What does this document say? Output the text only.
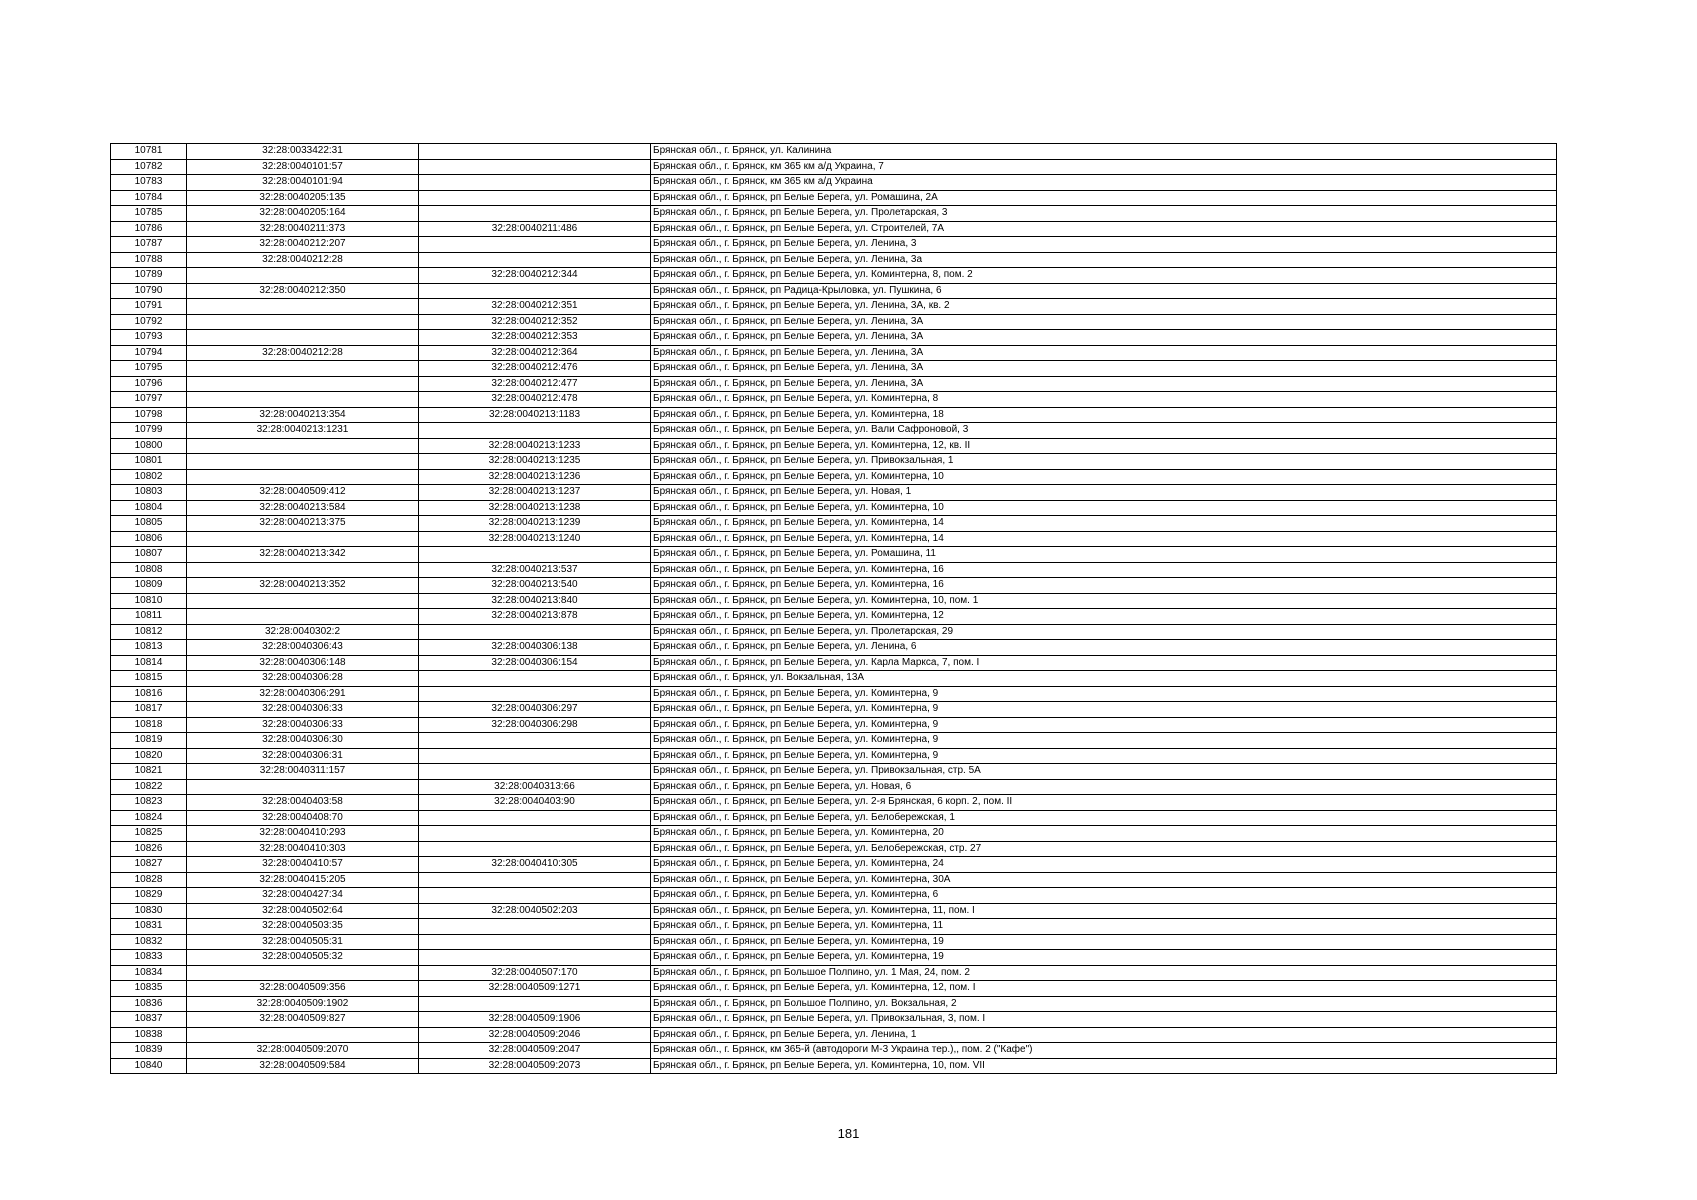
10781	32:28:0033422:31		Брянская обл., г. Брянск, ул. Калинина
10782	32:28:0040101:57		Брянская обл., г. Брянск, км 365 км а/д Украина, 7
10783	32:28:0040101:94		Брянская обл., г. Брянск, км 365 км а/д Украина
10784	32:28:0040205:135		Брянская обл., г. Брянск, рп Белые Берега, ул. Ромашина, 2А
10785	32:28:0040205:164		Брянская обл., г. Брянск, рп Белые Берега, ул. Пролетарская, 3
10786	32:28:0040211:373	32:28:0040211:486	Брянская обл., г. Брянск, рп Белые Берега, ул. Строителей, 7А
10787	32:28:0040212:207		Брянская обл., г. Брянск, рп Белые Берега, ул. Ленина, 3
10788	32:28:0040212:28		Брянская обл., г. Брянск, рп Белые Берега, ул. Ленина, 3а
10789		32:28:0040212:344	Брянская обл., г. Брянск, рп Белые Берега, ул. Коминтерна, 8, пом. 2
10790	32:28:0040212:350		Брянская обл., г. Брянск, рп Радица-Крыловка, ул. Пушкина, 6
10791		32:28:0040212:351	Брянская обл., г. Брянск, рп Белые Берега, ул. Ленина, 3А, кв. 2
10792		32:28:0040212:352	Брянская обл., г. Брянск, рп Белые Берега, ул. Ленина, 3А
10793		32:28:0040212:353	Брянская обл., г. Брянск, рп Белые Берега, ул. Ленина, 3А
10794	32:28:0040212:28	32:28:0040212:364	Брянская обл., г. Брянск, рп Белые Берега, ул. Ленина, 3А
10795		32:28:0040212:476	Брянская обл., г. Брянск, рп Белые Берега, ул. Ленина, 3А
10796		32:28:0040212:477	Брянская обл., г. Брянск, рп Белые Берега, ул. Ленина, 3А
10797		32:28:0040212:478	Брянская обл., г. Брянск, рп Белые Берега, ул. Коминтерна, 8
10798	32:28:0040213:354	32:28:0040213:1183	Брянская обл., г. Брянск, рп Белые Берега, ул. Коминтерна, 18
10799	32:28:0040213:1231		Брянская обл., г. Брянск, рп Белые Берега, ул. Вали Сафроновой, 3
10800		32:28:0040213:1233	Брянская обл., г. Брянск, рп Белые Берега, ул. Коминтерна, 12, кв. II
10801		32:28:0040213:1235	Брянская обл., г. Брянск, рп Белые Берега, ул. Привокзальная, 1
10802		32:28:0040213:1236	Брянская обл., г. Брянск, рп Белые Берега, ул. Коминтерна, 10
10803	32:28:0040509:412	32:28:0040213:1237	Брянская обл., г. Брянск, рп Белые Берега, ул. Новая, 1
10804	32:28:0040213:584	32:28:0040213:1238	Брянская обл., г. Брянск, рп Белые Берега, ул. Коминтерна, 10
10805	32:28:0040213:375	32:28:0040213:1239	Брянская обл., г. Брянск, рп Белые Берега, ул. Коминтерна, 14
10806		32:28:0040213:1240	Брянская обл., г. Брянск, рп Белые Берега, ул. Коминтерна, 14
10807	32:28:0040213:342		Брянская обл., г. Брянск, рп Белые Берега, ул. Ромашина, 11
10808		32:28:0040213:537	Брянская обл., г. Брянск, рп Белые Берега, ул. Коминтерна, 16
10809	32:28:0040213:352	32:28:0040213:540	Брянская обл., г. Брянск, рп Белые Берега, ул. Коминтерна, 16
10810		32:28:0040213:840	Брянская обл., г. Брянск, рп Белые Берега, ул. Коминтерна, 10, пом. 1
10811		32:28:0040213:878	Брянская обл., г. Брянск, рп Белые Берега, ул. Коминтерна, 12
10812	32:28:0040302:2		Брянская обл., г. Брянск, рп Белые Берега, ул. Пролетарская, 29
10813	32:28:0040306:43	32:28:0040306:138	Брянская обл., г. Брянск, рп Белые Берега, ул. Ленина, 6
10814	32:28:0040306:148	32:28:0040306:154	Брянская обл., г. Брянск, рп Белые Берега, ул. Карла Маркса, 7, пом. I
10815	32:28:0040306:28		Брянская обл., г. Брянск, ул. Вокзальная, 13А
10816	32:28:0040306:291		Брянская обл., г. Брянск, рп Белые Берега, ул. Коминтерна, 9
10817	32:28:0040306:33	32:28:0040306:297	Брянская обл., г. Брянск, рп Белые Берега, ул. Коминтерна, 9
10818	32:28:0040306:33	32:28:0040306:298	Брянская обл., г. Брянск, рп Белые Берега, ул. Коминтерна, 9
10819	32:28:0040306:30		Брянская обл., г. Брянск, рп Белые Берега, ул. Коминтерна, 9
10820	32:28:0040306:31		Брянская обл., г. Брянск, рп Белые Берега, ул. Коминтерна, 9
10821	32:28:0040311:157		Брянская обл., г. Брянск, рп Белые Берега, ул. Привокзальная, стр. 5А
10822		32:28:0040313:66	Брянская обл., г. Брянск, рп Белые Берега, ул. Новая, 6
10823	32:28:0040403:58	32:28:0040403:90	Брянская обл., г. Брянск, рп Белые Берега, ул. 2-я Брянская, 6 корп. 2, пом. II
10824	32:28:0040408:70		Брянская обл., г. Брянск, рп Белые Берега, ул. Белобережская, 1
10825	32:28:0040410:293		Брянская обл., г. Брянск, рп Белые Берега, ул. Коминтерна, 20
10826	32:28:0040410:303		Брянская обл., г. Брянск, рп Белые Берега, ул. Белобережская, стр. 27
10827	32:28:0040410:57	32:28:0040410:305	Брянская обл., г. Брянск, рп Белые Берега, ул. Коминтерна, 24
10828	32:28:0040415:205		Брянская обл., г. Брянск, рп Белые Берега, ул. Коминтерна, 30А
10829	32:28:0040427:34		Брянская обл., г. Брянск, рп Белые Берега, ул. Коминтерна, 6
10830	32:28:0040502:64	32:28:0040502:203	Брянская обл., г. Брянск, рп Белые Берега, ул. Коминтерна, 11, пом. I
10831	32:28:0040503:35		Брянская обл., г. Брянск, рп Белые Берега, ул. Коминтерна, 11
10832	32:28:0040505:31		Брянская обл., г. Брянск, рп Белые Берега, ул. Коминтерна, 19
10833	32:28:0040505:32		Брянская обл., г. Брянск, рп Белые Берега, ул. Коминтерна, 19
10834		32:28:0040507:170	Брянская обл., г. Брянск, рп Большое Полпино, ул. 1 Мая, 24, пом. 2
10835	32:28:0040509:356	32:28:0040509:1271	Брянская обл., г. Брянск, рп Белые Берега, ул. Коминтерна, 12, пом. I
10836	32:28:0040509:1902		Брянская обл., г. Брянск, рп Большое Полпино, ул. Вокзальная, 2
10837	32:28:0040509:827	32:28:0040509:1906	Брянская обл., г. Брянск, рп Белые Берега, ул. Привокзальная, 3, пом. I
10838		32:28:0040509:2046	Брянская обл., г. Брянск, рп Белые Берега, ул. Ленина, 1
10839	32:28:0040509:2070	32:28:0040509:2047	Брянская обл., г. Брянск, км 365-й (автодороги М-3 Украина тер.),, пом. 2 ("Кафе")
10840	32:28:0040509:584	32:28:0040509:2073	Брянская обл., г. Брянск, рп Белые Берега, ул. Коминтерна, 10, пом. VII
181
